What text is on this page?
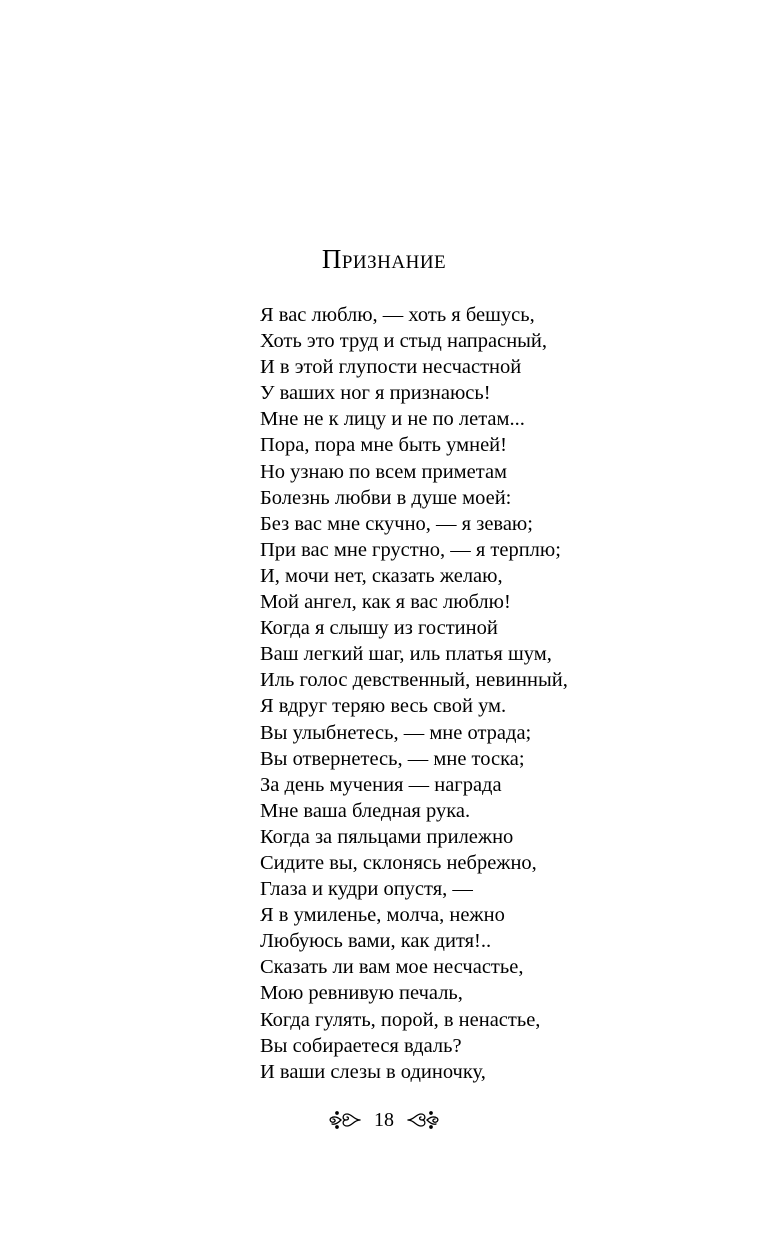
Признание
Я вас люблю, — хоть я бешусь,
Хоть это труд и стыд напрасный,
И в этой глупости несчастной
У ваших ног я признаюсь!
Мне не к лицу и не по летам...
Пора, пора мне быть умней!
Но узнаю по всем приметам
Болезнь любви в душе моей:
Без вас мне скучно, — я зеваю;
При вас мне грустно, — я терплю;
И, мочи нет, сказать желаю,
Мой ангел, как я вас люблю!
Когда я слышу из гостиной
Ваш легкий шаг, иль платья шум,
Иль голос девственный, невинный,
Я вдруг теряю весь свой ум.
Вы улыбнетесь, — мне отрада;
Вы отвернетесь, — мне тоска;
За день мучения — награда
Мне ваша бледная рука.
Когда за пяльцами прилежно
Сидите вы, склонясь небрежно,
Глаза и кудри опустя, —
Я в умиленье, молча, нежно
Любуюсь вами, как дитя!..
Сказать ли вам мое несчастье,
Мою ревнивую печаль,
Когда гулять, порой, в ненастье,
Вы собираетеся вдаль?
И ваши слезы в одиночку,
18
